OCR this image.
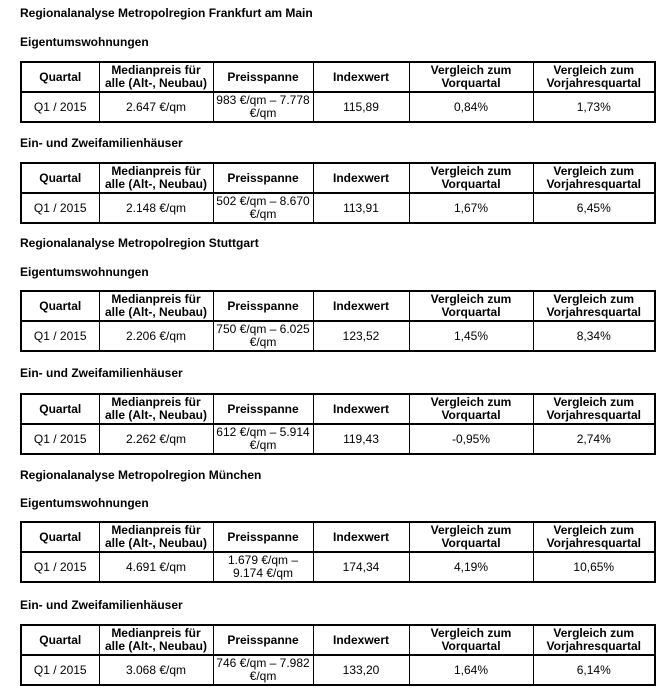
Regionalanalyse Metropolregion Frankfurt am Main
Eigentumswohnungen
Quartal	Medianpreis für alle (Alt-, Neubau)	Preisspanne	Indexwert	Vergleich zum Vorquartal	Vergleich zum Vorjahresquartal
Q1 / 2015	2.647 €/qm	983 €/qm – 7.778 €/qm	115,89	0,84%	1,73%
Ein- und Zweifamilienhäuser
Quartal	Medianpreis für alle (Alt-, Neubau)	Preisspanne	Indexwert	Vergleich zum Vorquartal	Vergleich zum Vorjahresquartal
Q1 / 2015	2.148 €/qm	502 €/qm – 8.670 €/qm	113,91	1,67%	6,45%
Regionalanalyse Metropolregion Stuttgart
Eigentumswohnungen
Quartal	Medianpreis für alle (Alt-, Neubau)	Preisspanne	Indexwert	Vergleich zum Vorquartal	Vergleich zum Vorjahresquartal
Q1 / 2015	2.206 €/qm	750 €/qm – 6.025 €/qm	123,52	1,45%	8,34%
Ein- und Zweifamilienhäuser
Quartal	Medianpreis für alle (Alt-, Neubau)	Preisspanne	Indexwert	Vergleich zum Vorquartal	Vergleich zum Vorjahresquartal
Q1 / 2015	2.262 €/qm	612 €/qm – 5.914 €/qm	119,43	-0,95%	2,74%
Regionalanalyse Metropolregion München
Eigentumswohnungen
Quartal	Medianpreis für alle (Alt-, Neubau)	Preisspanne	Indexwert	Vergleich zum Vorquartal	Vergleich zum Vorjahresquartal
Q1 / 2015	4.691 €/qm	1.679 €/qm – 9.174 €/qm	174,34	4,19%	10,65%
Ein- und Zweifamilienhäuser
Quartal	Medianpreis für alle (Alt-, Neubau)	Preisspanne	Indexwert	Vergleich zum Vorquartal	Vergleich zum Vorjahresquartal
Q1 / 2015	3.068 €/qm	746 €/qm – 7.982 €/qm	133,20	1,64%	6,14%
